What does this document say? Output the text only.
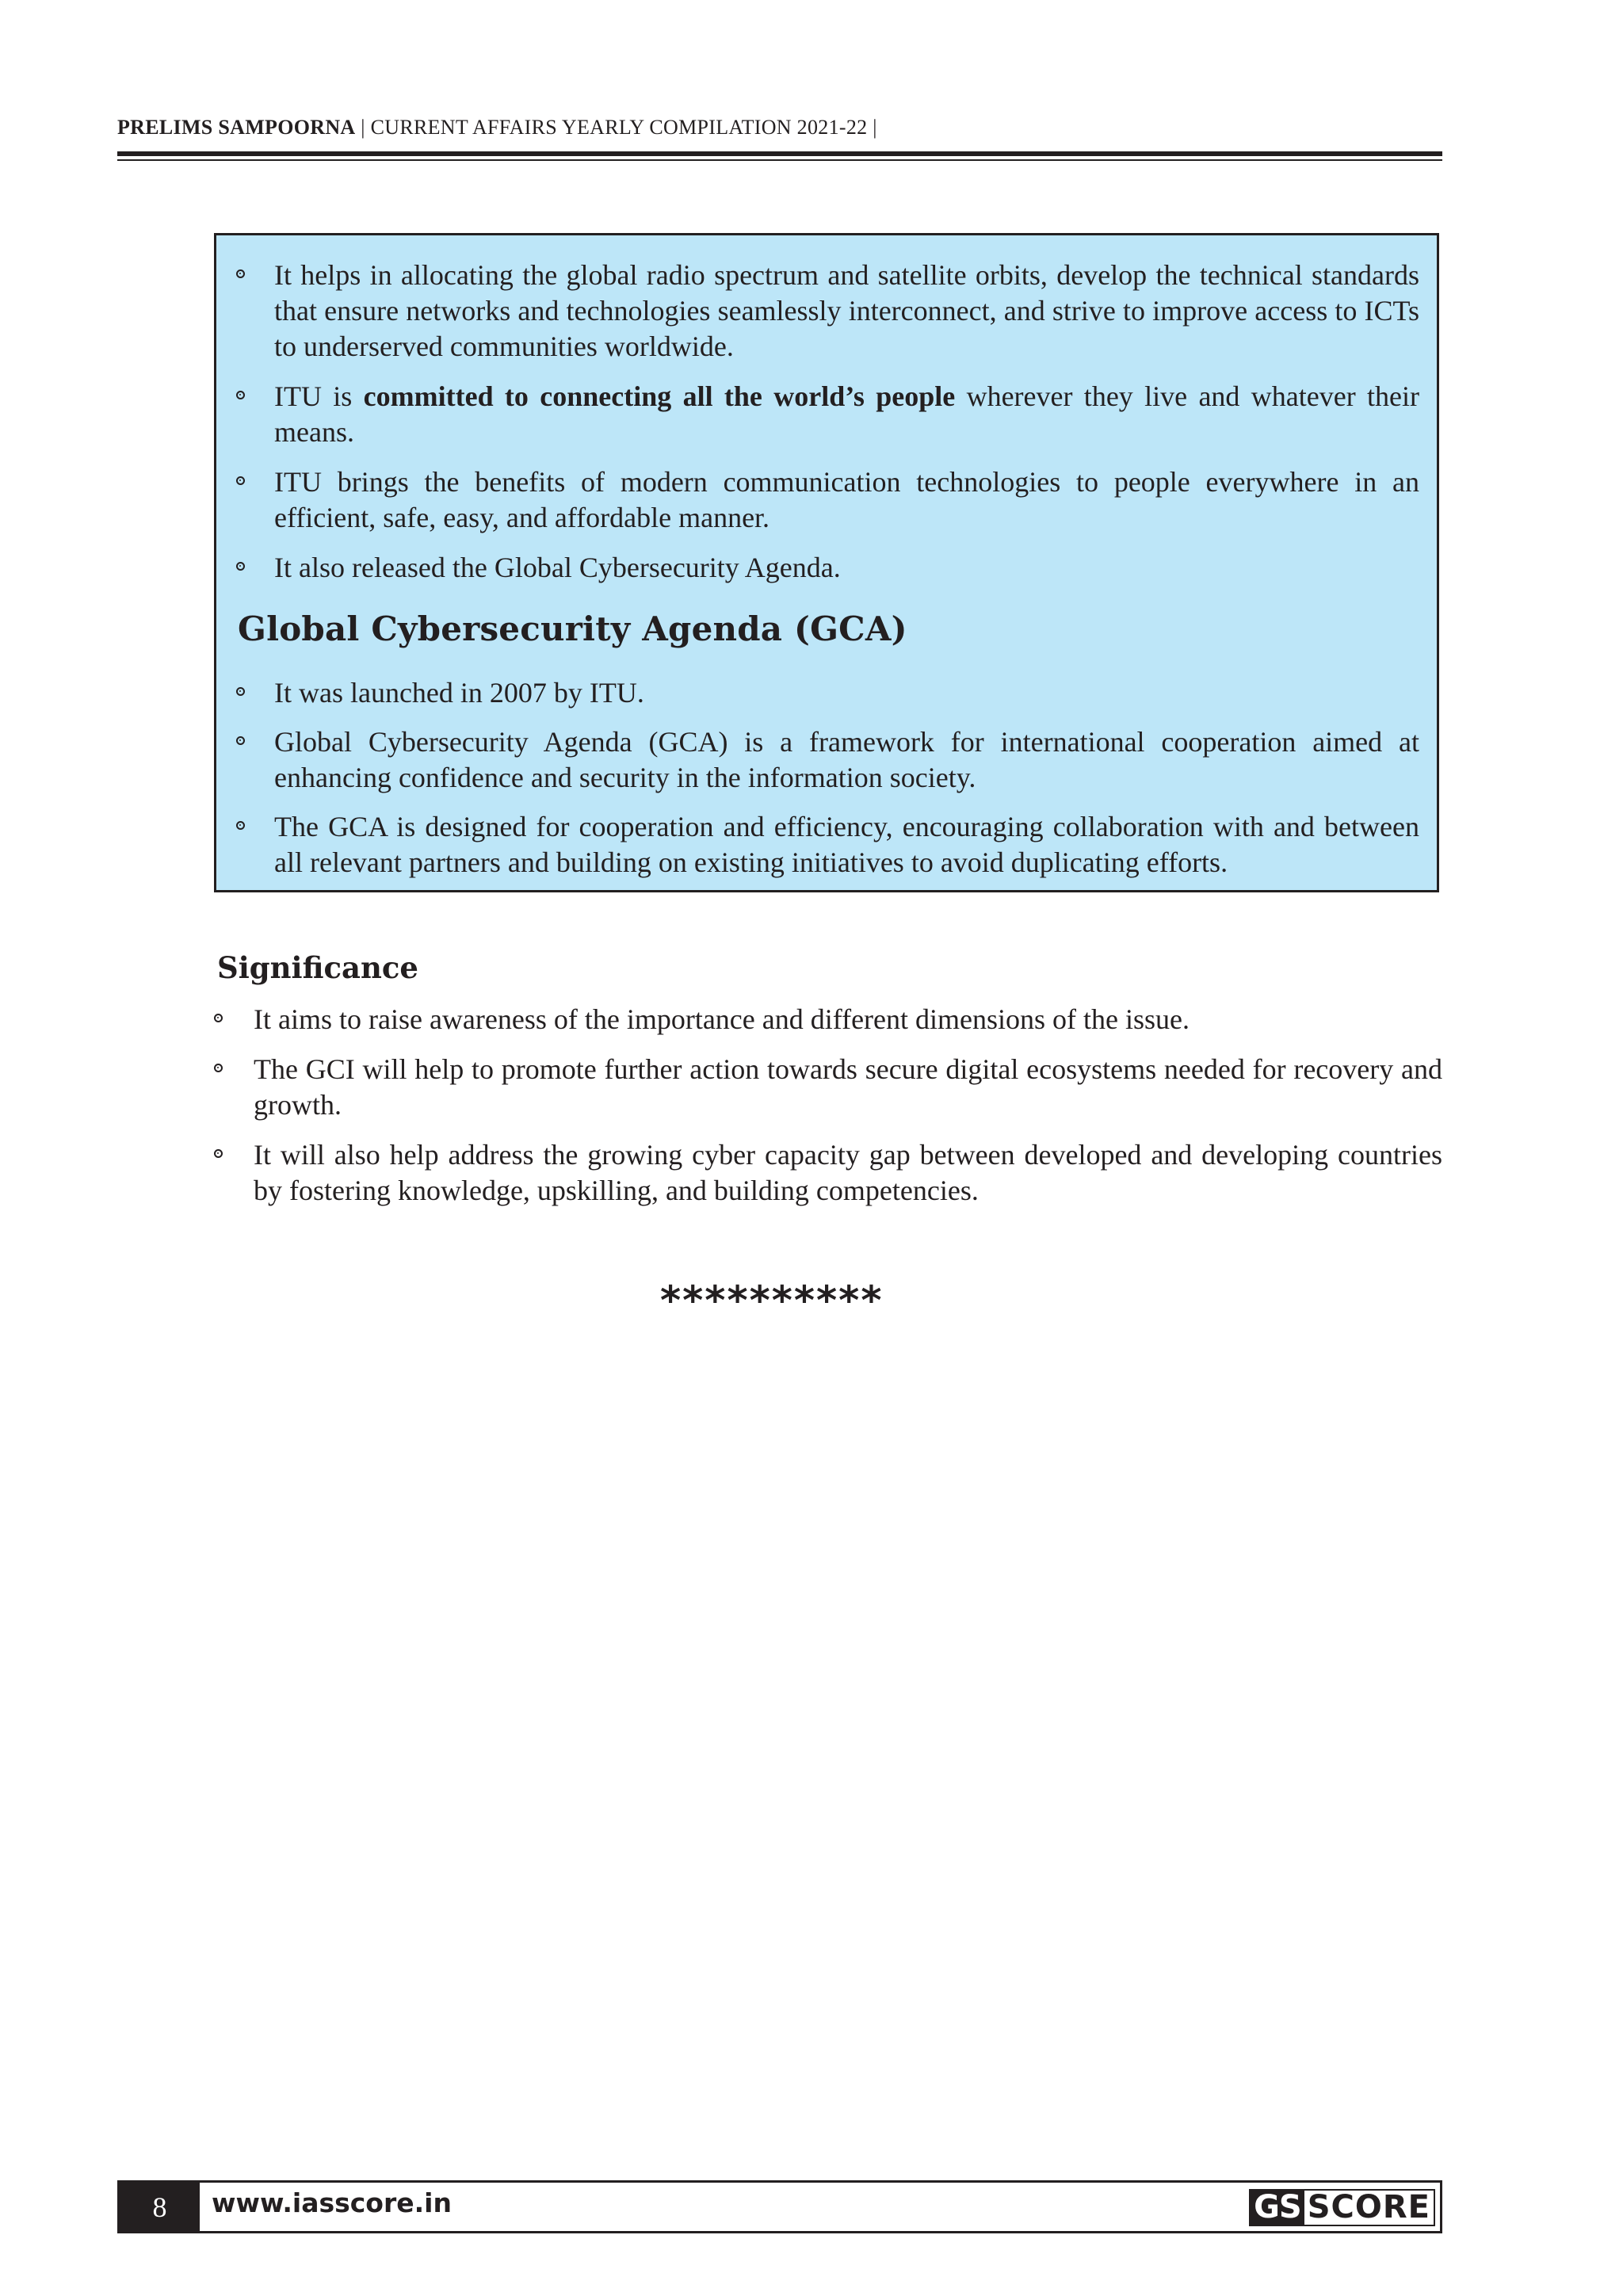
PRELIMS SAMPOORNA | CURRENT AFFAIRS YEARLY COMPILATION 2021-22 |
It helps in allocating the global radio spectrum and satellite orbits, develop the technical standards that ensure networks and technologies seamlessly interconnect, and strive to improve access to ICTs to underserved communities worldwide.
ITU is committed to connecting all the world’s people wherever they live and whatever their means.
ITU brings the benefits of modern communication technologies to people everywhere in an efficient, safe, easy, and affordable manner.
It also released the Global Cybersecurity Agenda.
Global Cybersecurity Agenda (GCA)
It was launched in 2007 by ITU.
Global Cybersecurity Agenda (GCA) is a framework for international cooperation aimed at enhancing confidence and security in the information society.
The GCA is designed for cooperation and efficiency, encouraging collaboration with and between all relevant partners and building on existing initiatives to avoid duplicating efforts.
Significance
It aims to raise awareness of the importance and different dimensions of the issue.
The GCI will help to promote further action towards secure digital ecosystems needed for recovery and growth.
It will also help address the growing cyber capacity gap between developed and developing countries by fostering knowledge, upskilling, and building competencies.
**********
8	www.iasscore.in	GS SCORE
